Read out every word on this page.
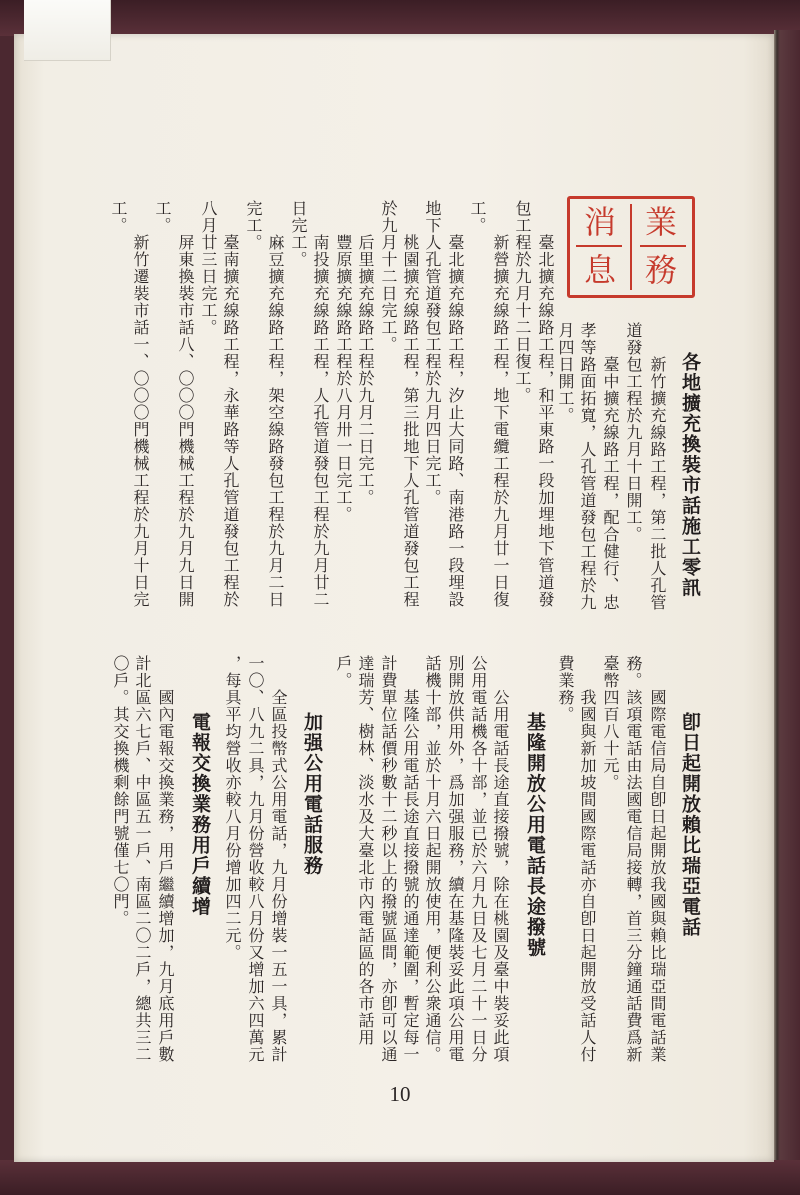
業
務
消
息
各地擴充換裝市話施工零訊
新竹擴充線路工程，第二批人孔管
道發包工程於九月十日開工。
臺中擴充線路工程，配合健行、忠
孝等路面拓寬，人孔管道發包工程於九
月四日開工。
臺北擴充線路工程，和平東路一段加埋地下管道發
包工程於九月十二日復工。
新營擴充線路工程，地下電纜工程於九月廿一日復
工。
臺北擴充線路工程，汐止大同路、南港路一段埋設
地下人孔管道發包工程於九月四日完工。
桃園擴充線路工程，第三批地下人孔管道發包工程
於九月十二日完工。
后里擴充線路工程於九月二日完工。
豐原擴充線路工程於八月卅一日完工。
南投擴充線路工程，人孔管道發包工程於九月廿二
日完工。
麻豆擴充線路工程，架空線路發包工程於九月二日
完工。
臺南擴充線路工程，永華路等人孔管道發包工程於
八月廿三日完工。
屏東換裝市話八、〇〇〇門機械工程於九月九日開
工。
新竹遷裝市話一、〇〇〇門機械工程於九月十日完
工。
卽日起開放賴比瑞亞電話
國際電信局自卽日起開放我國與賴比瑞亞間電話業
務。該項電話由法國電信局接轉，首三分鐘通話費爲新
臺幣四百八十元。
我國與新加坡間國際電話亦自卽日起開放受話人付
費業務。
基隆開放公用電話長途撥號
公用電話長途直接撥號，除在桃園及臺中裝妥此項
公用電話機各十部，並已於六月九日及七月二十一日分
別開放供用外，爲加强服務，續在基隆裝妥此項公用電
話機十部，並於十月六日起開放使用，便利公衆通信。
基隆公用電話長途直接撥號的通達範圍，暫定每一
計費單位話價秒數十二秒以上的撥號區間，亦卽可以通
達瑞芳、樹林、淡水及大臺北市內電話區的各市話用
戶。
加强公用電話服務
全區投幣式公用電話，九月份增裝一五一具，累計
一〇、八九二具，九月份營收較八月份又增加六四萬元
，每具平均營收亦較八月份增加四二元。
電報交換業務用戶續增
國內電報交換業務，用戶繼續增加，九月底用戶數
計北區六七戶、中區五一戶、南區二〇二戶，總共三二
〇戶。其交換機剩餘門號僅七〇門。
10
